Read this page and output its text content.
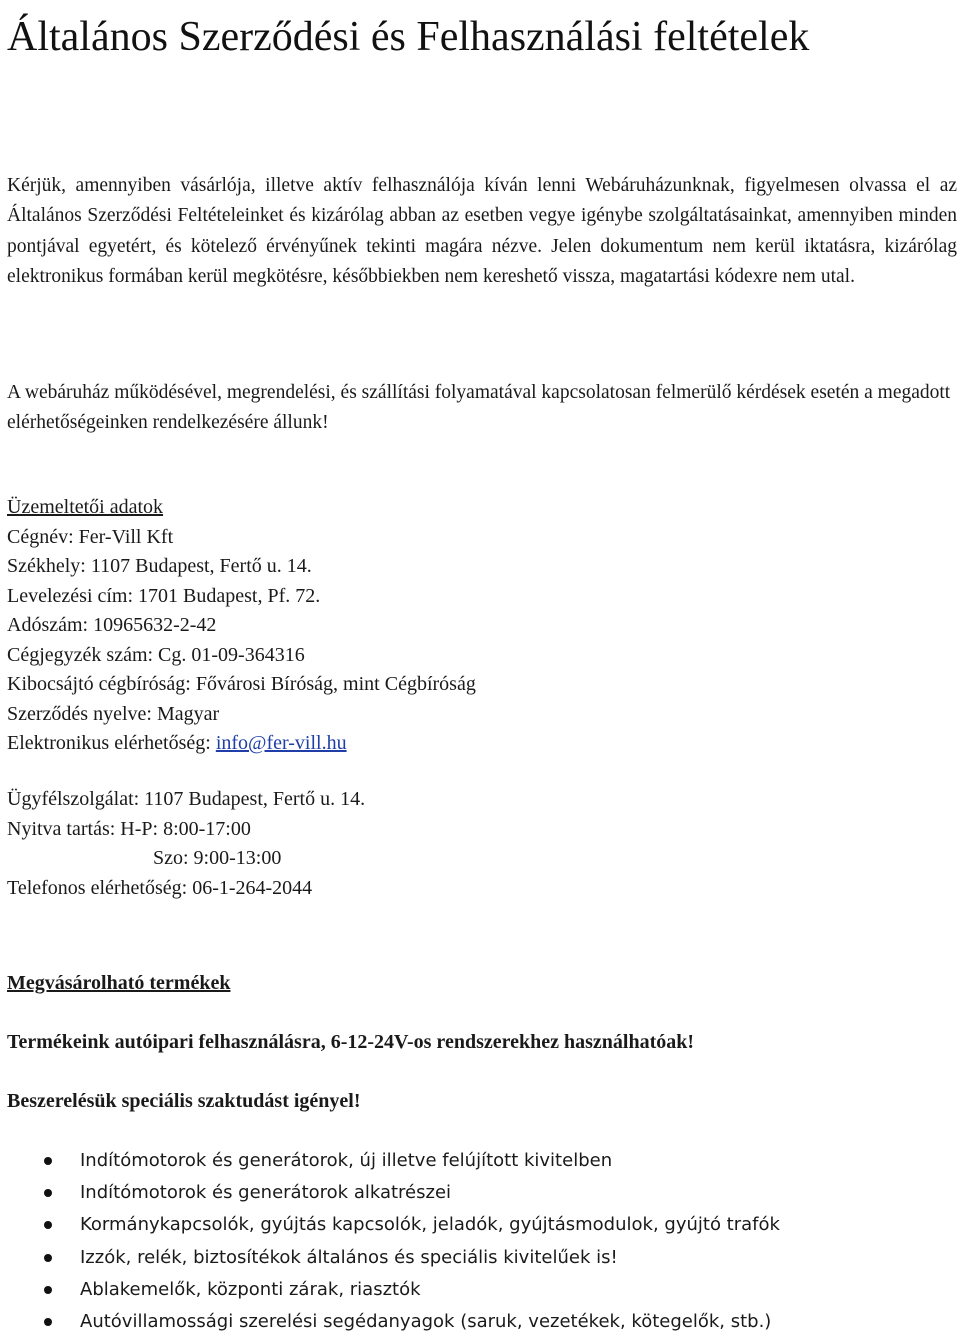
Általános Szerződési és Felhasználási feltételek

Kérjük, amennyiben vásárlója, illetve aktív felhasználója kíván lenni Webáruházunknak, figyelmesen olvassa el az Általános Szerződési Feltételeinket és kizárólag abban az esetben vegye igénybe szolgáltatásainkat, amennyiben minden pontjával egyetért, és kötelező érvényűnek tekinti magára nézve. Jelen dokumentum nem kerül iktatásra, kizárólag elektronikus formában kerül megkötésre, későbbiekben nem kereshető vissza, magatartási kódexre nem utal.

A webáruház működésével, megrendelési, és szállítási folyamatával kapcsolatosan felmerülő kérdések esetén a megadott elérhetőségeinken rendelkezésére állunk!

Üzemeltetői adatok
Cégnév: Fer-Vill Kft
Székhely: 1107 Budapest, Fertő u. 14.
Levelezési cím: 1701 Budapest, Pf. 72.
Adószám: 10965632-2-42
Cégjegyzék szám: Cg. 01-09-364316
Kibocsájtó cégbíróság: Fővárosi Bíróság, mint Cégbíróság
Szerződés nyelve: Magyar
Elektronikus elérhetőség: info@fer-vill.hu
Ügyfélszolgálat: 1107 Budapest, Fertő u. 14.
Nyitva tartás: H-P: 8:00-17:00
Szo: 9:00-13:00
Telefonos elérhetőség: 06-1-264-2044
Megvásárolható termékek
Termékeink autóipari felhasználásra, 6-12-24V-os rendszerekhez használhatóak!
Beszerelésük speciális szaktudást igényel!
Indítómotorok és generátorok, új illetve felújított kivitelben
Indítómotorok és generátorok alkatrészei
Kormánykapcsolók, gyújtás kapcsolók, jeladók, gyújtásmodulok, gyújtó trafók
Izzók, relék, biztosítékok általános és speciális kivitelűek is!
Ablakemelők, központi zárak, riasztók
Autóvillamossági szerelési segédanyagok (saruk, vezetékek, kötegelők, stb.)
